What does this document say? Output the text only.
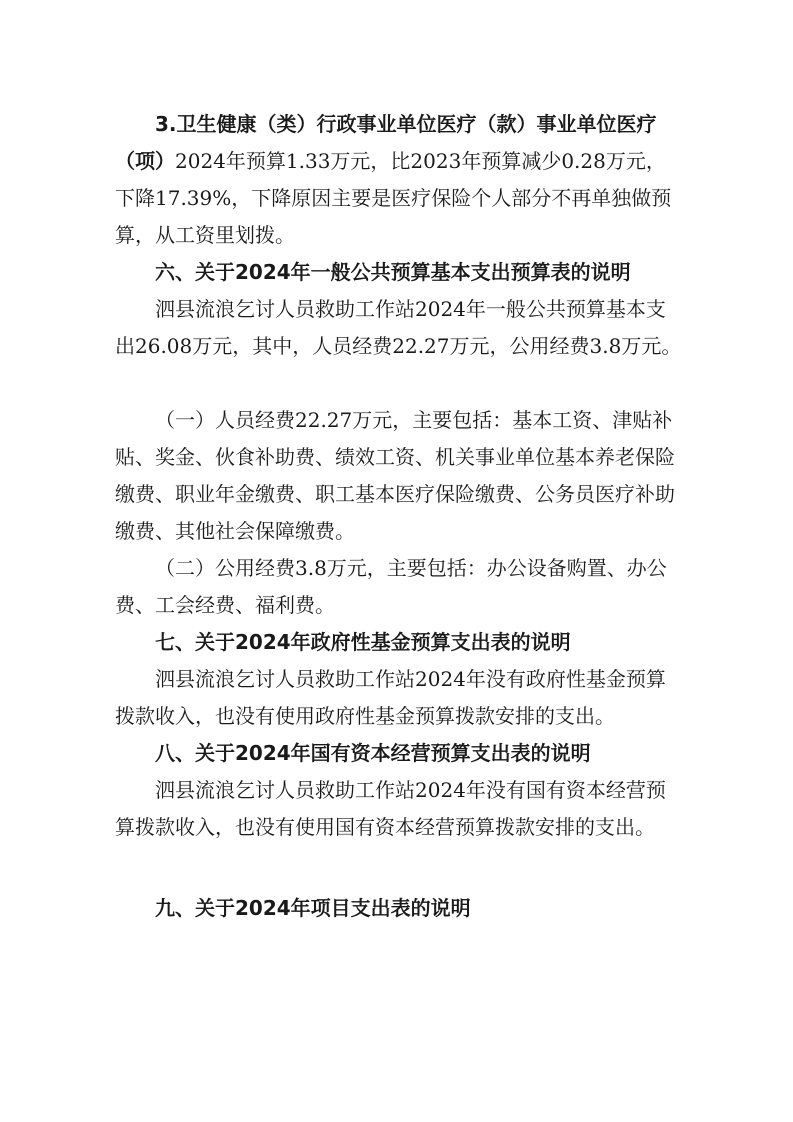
3.卫生健康（类）行政事业单位医疗（款）事业单位医疗（项）2024年预算1.33万元，比2023年预算减少0.28万元，下降17.39%，下降原因主要是医疗保险个人部分不再单独做预算，从工资里划拨。

六、关于2024年一般公共预算基本支出预算表的说明

泗县流浪乞讨人员救助工作站2024年一般公共预算基本支出26.08万元，其中，人员经费22.27万元，公用经费3.8万元。

（一）人员经费22.27万元，主要包括：基本工资、津贴补贴、奖金、伙食补助费、绩效工资、机关事业单位基本养老保险缴费、职业年金缴费、职工基本医疗保险缴费、公务员医疗补助缴费、其他社会保障缴费。

（二）公用经费3.8万元，主要包括：办公设备购置、办公费、工会经费、福利费。

七、关于2024年政府性基金预算支出表的说明

泗县流浪乞讨人员救助工作站2024年没有政府性基金预算拨款收入，也没有使用政府性基金预算拨款安排的支出。

八、关于2024年国有资本经营预算支出表的说明

泗县流浪乞讨人员救助工作站2024年没有国有资本经营预算拨款收入，也没有使用国有资本经营预算拨款安排的支出。

九、关于2024年项目支出表的说明
